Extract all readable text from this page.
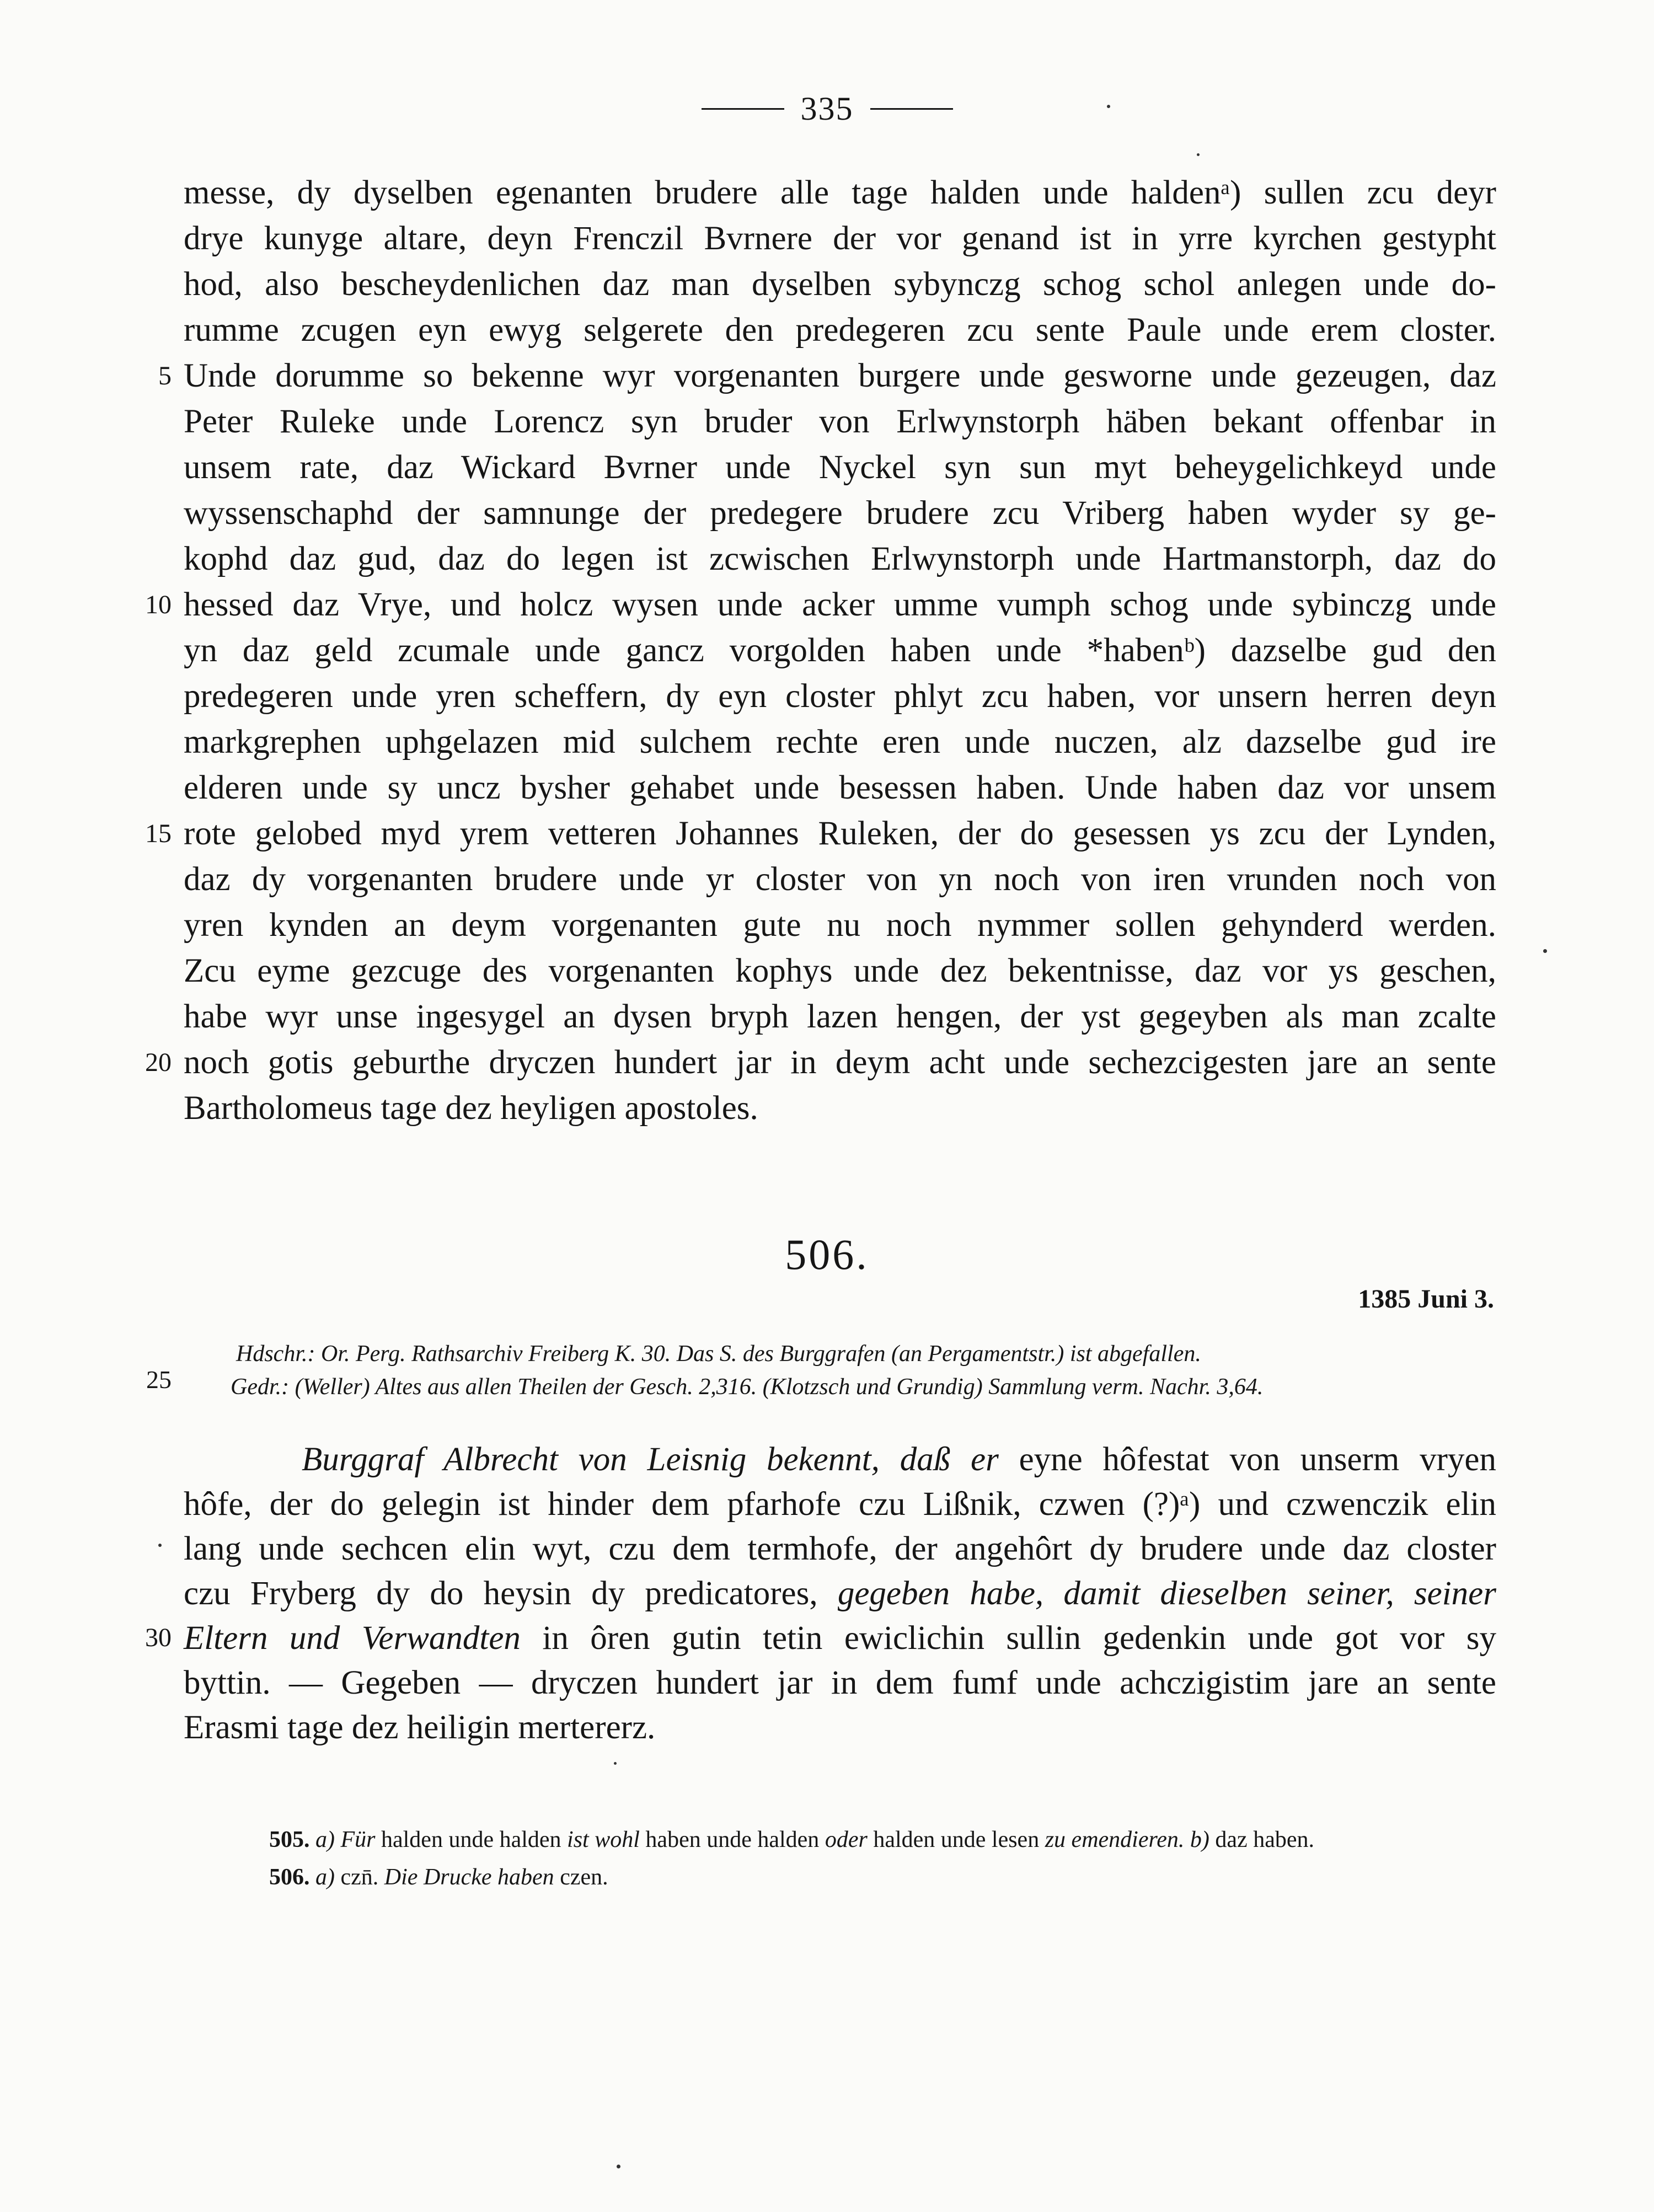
335
messe, dy dyselben egenanten brudere alle tage halden unde haldenᵃ) sullen zcu deyr
drye kunyge altare, deyn Frenczil Bvrnere der vor genand ist in yrre kyrchen gestypht
hod, also bescheydenlichen daz man dyselben sybynczg schog schol anlegen unde do-
rumme zcugen eyn ewyg selgerete den predegeren zcu sente Paule unde erem closter.
Unde dorumme so bekenne wyr vorgenanten burgere unde gesworne unde gezeugen, daz
Peter Ruleke unde Lorencz syn bruder von Erlwynstorph häben bekant offenbar in
unsem rate, daz Wickard Bvrner unde Nyckel syn sun myt beheygelichkeyd unde
wyssenschaphd der samnunge der predegere brudere zcu Vriberg haben wyder sy ge-
kophd daz gud, daz do legen ist zcwischen Erlwynstorph unde Hartmanstorph, daz do
hessed daz Vrye, und holcz wysen unde acker umme vumph schog unde sybinczg unde
yn daz geld zcumale unde gancz vorgolden haben unde *habenᵇ) dazselbe gud den
predegeren unde yren scheffern, dy eyn closter phlyt zcu haben, vor unsern herren deyn
markgrephen uphgelazen mid sulchem rechte eren unde nuczen, alz dazselbe gud ire
elderen unde sy uncz bysher gehabet unde besessen haben. Unde haben daz vor unsem
rote gelobed myd yrem vetteren Johannes Ruleken, der do gesessen ys zcu der Lynden,
daz dy vorgenanten brudere unde yr closter von yn noch von iren vrunden noch von
yren kynden an deym vorgenanten gute nu noch nymmer sollen gehynderd werden.
Zcu eyme gezcuge des vorgenanten kophys unde dez bekentnisse, daz vor ys geschen,
habe wyr unse ingesygel an dysen bryph lazen hengen, der yst gegeyben als man zcalte
noch gotis geburthe dryczen hundert jar in deym acht unde sechezcigesten jare an sente
Bartholomeus tage dez heyligen apostoles.
5
10
15
20
506.
1385 Juni 3.
Hdschr.: Or. Perg. Rathsarchiv Freiberg K. 30. Das S. des Burggrafen (an Pergamentstr.) ist abgefallen.
Gedr.: (Weller) Altes aus allen Theilen der Gesch. 2,316. (Klotzsch und Grundig) Sammlung verm. Nachr. 3,64.
25
Burggraf Albrecht von Leisnig bekennt, daß er eyne hôfestat von unserm vryen
hôfe, der do gelegin ist hinder dem pfarhofe czu Lißnik, czwen (?)ᵃ) und czwenczik elin
lang unde sechcen elin wyt, czu dem termhofe, der angehôrt dy brudere unde daz closter
czu Fryberg dy do heysin dy predicatores, gegeben habe, damit dieselben seiner, seiner
Eltern und Verwandten in ôren gutin tetin ewiclichin sullin gedenkin unde got vor sy
byttin. — Gegeben — dryczen hundert jar in dem fumf unde achczigistim jare an sente
Erasmi tage dez heiligin mertererz.
30
505. a) Für halden unde halden ist wohl haben unde halden oder halden unde lesen zu emendieren. b) daz haben.
506. a) czn̄. Die Drucke haben czen.
